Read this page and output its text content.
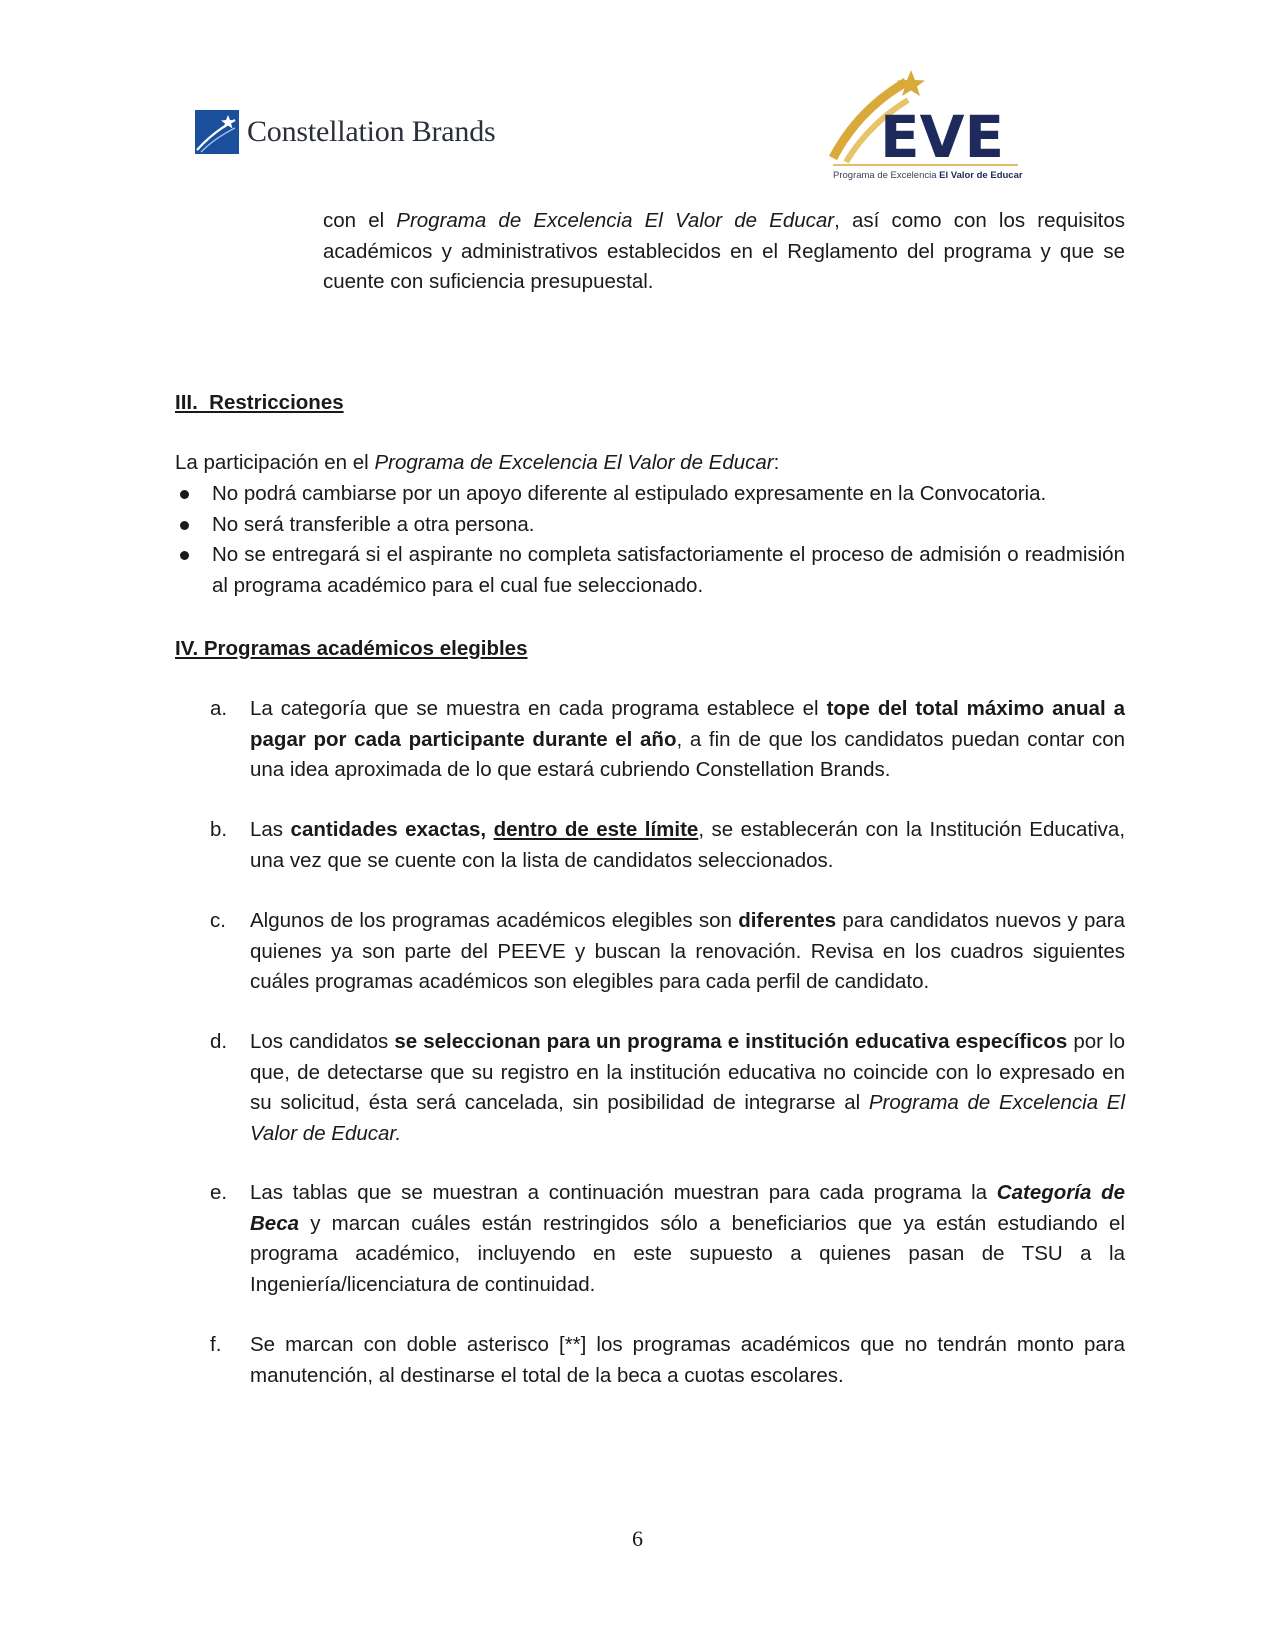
Constellation Brands	EVE
Programa de Excelencia El Valor de Educar
con el Programa de Excelencia El Valor de Educar, así como con los requisitos académicos y administrativos establecidos en el Reglamento del programa y que se cuente con suficiencia presupuestal.
III.  Restricciones
La participación en el Programa de Excelencia El Valor de Educar:
No podrá cambiarse por un apoyo diferente al estipulado expresamente en la Convocatoria.
No será transferible a otra persona.
No se entregará si el aspirante no completa satisfactoriamente el proceso de admisión o readmisión al programa académico para el cual fue seleccionado.
IV. Programas académicos elegibles
a.	La categoría que se muestra en cada programa establece el tope del total máximo anual a pagar por cada participante durante el año, a fin de que los candidatos puedan contar con una idea aproximada de lo que estará cubriendo Constellation Brands.
b.	Las cantidades exactas, dentro de este límite, se establecerán con la Institución Educativa, una vez que se cuente con la lista de candidatos seleccionados.
c.	Algunos de los programas académicos elegibles son diferentes para candidatos nuevos y para quienes ya son parte del PEEVE y buscan la renovación. Revisa en los cuadros siguientes cuáles programas académicos son elegibles para cada perfil de candidato.
d.	Los candidatos se seleccionan para un programa e institución educativa específicos por lo que, de detectarse que su registro en la institución educativa no coincide con lo expresado en su solicitud, ésta será cancelada, sin posibilidad de integrarse al Programa de Excelencia El Valor de Educar.
e.	Las tablas que se muestran a continuación muestran para cada programa la Categoría de Beca y marcan cuáles están restringidos sólo a beneficiarios que ya están estudiando el programa académico, incluyendo en este supuesto a quienes pasan de TSU a la Ingeniería/licenciatura de continuidad.
f.	Se marcan con doble asterisco [**] los programas académicos que no tendrán monto para manutención, al destinarse el total de la beca a cuotas escolares.
6
